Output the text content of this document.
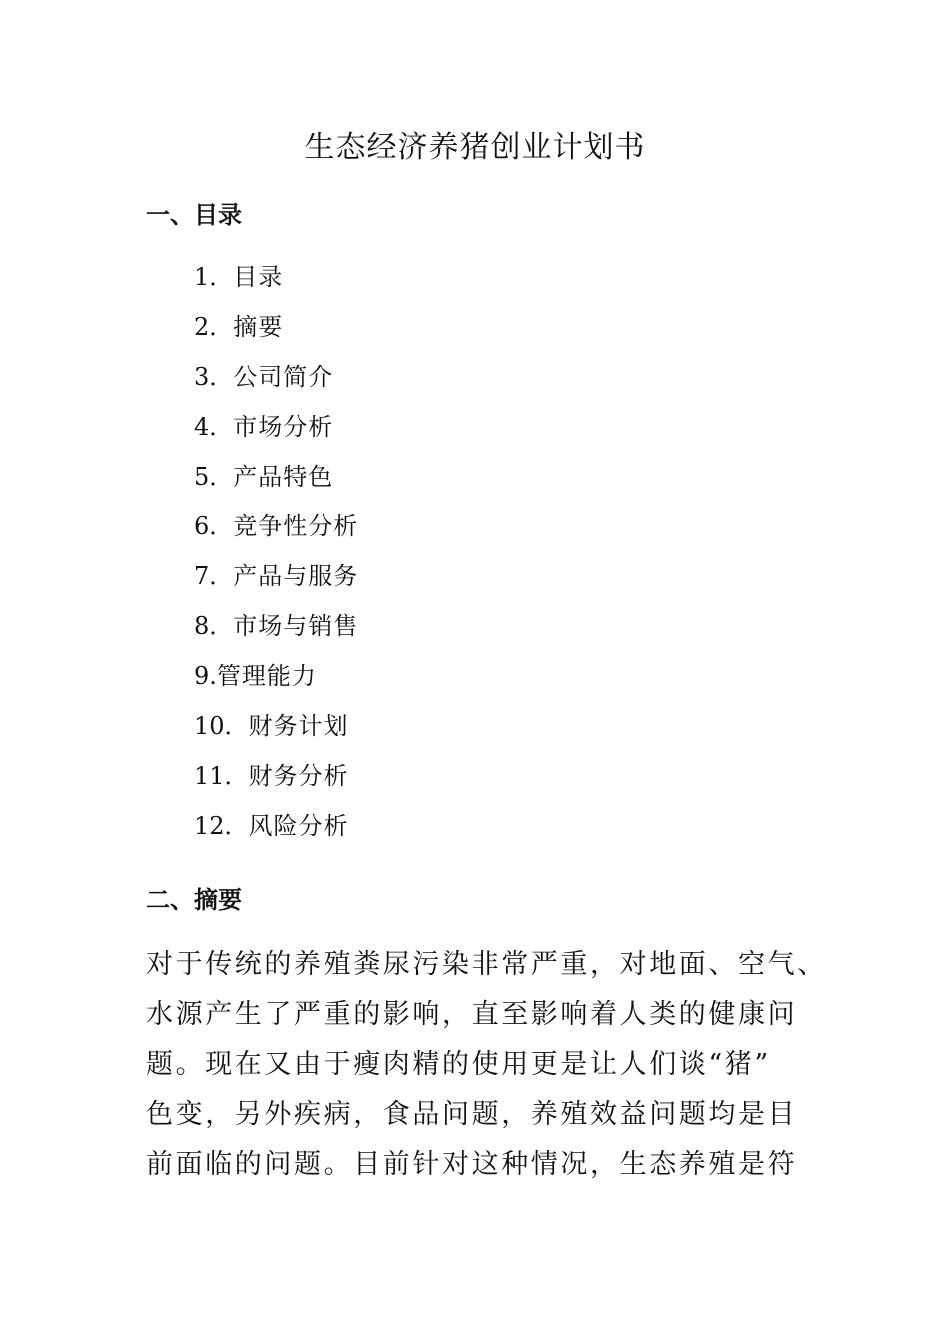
生态经济养猪创业计划书
一、目录
1．目录
2．摘要
3．公司简介
4．市场分析
5．产品特色
6．竞争性分析
7．产品与服务
8．市场与销售
9.管理能力
10．财务计划
11．财务分析
12．风险分析
二、摘要

对于传统的养殖粪尿污染非常严重，对地面、空气、
水源产生了严重的影响，直至影响着人类的健康问
题。现在又由于瘦肉精的使用更是让人们谈“猪”
色变，另外疾病，食品问题，养殖效益问题均是目
前面临的问题。目前针对这种情况，生态养殖是符
